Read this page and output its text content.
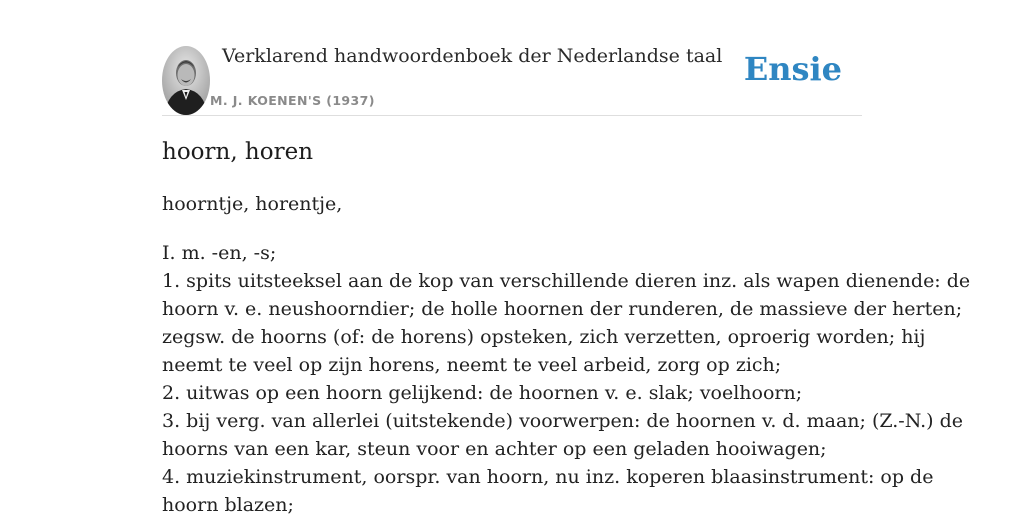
Verklarend handwoordenboek der Nederlandse taal
M. J. KOENEN'S (1937)
Ensie
hoorn, horen
hoorntje, horentje,
I. m. -en, -s;
1. spits uitsteeksel aan de kop van verschillende dieren inz. als wapen dienende: de
hoorn v. e. neushoorndier; de holle hoornen der runderen, de massieve der herten;
zegsw. de hoorns (of: de horens) opsteken, zich verzetten, oproerig worden; hij
neemt te veel op zijn horens, neemt te veel arbeid, zorg op zich;
2. uitwas op een hoorn gelijkend: de hoornen v. e. slak; voelhoorn;
3. bij verg. van allerlei (uitstekende) voorwerpen: de hoornen v. d. maan; (Z.-N.) de
hoorns van een kar, steun voor en achter op een geladen hooiwagen;
4. muziekinstrument, oorspr. van hoorn, nu inz. koperen blaasinstrument: op de
hoorn blazen;
